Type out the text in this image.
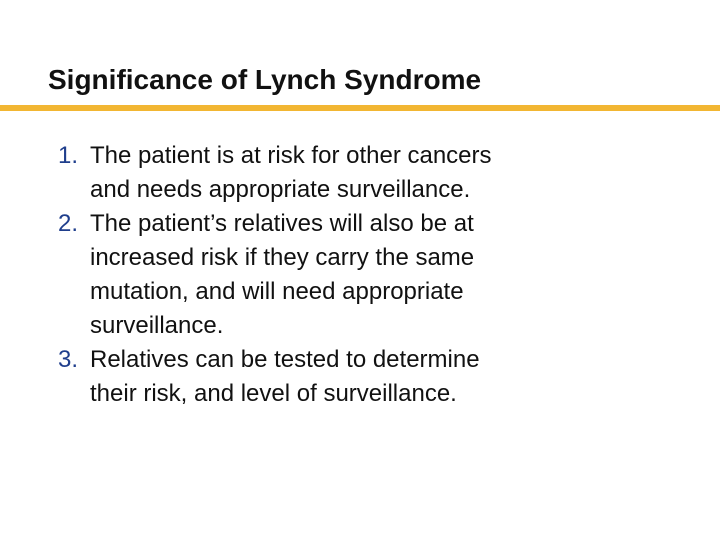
Significance of Lynch Syndrome
1. The patient is at risk for other cancers
and needs appropriate surveillance.
2. The patient’s relatives will also be at
increased risk if they carry the same
mutation, and will need appropriate
surveillance.
3. Relatives can be tested to determine
their risk, and level of surveillance.
